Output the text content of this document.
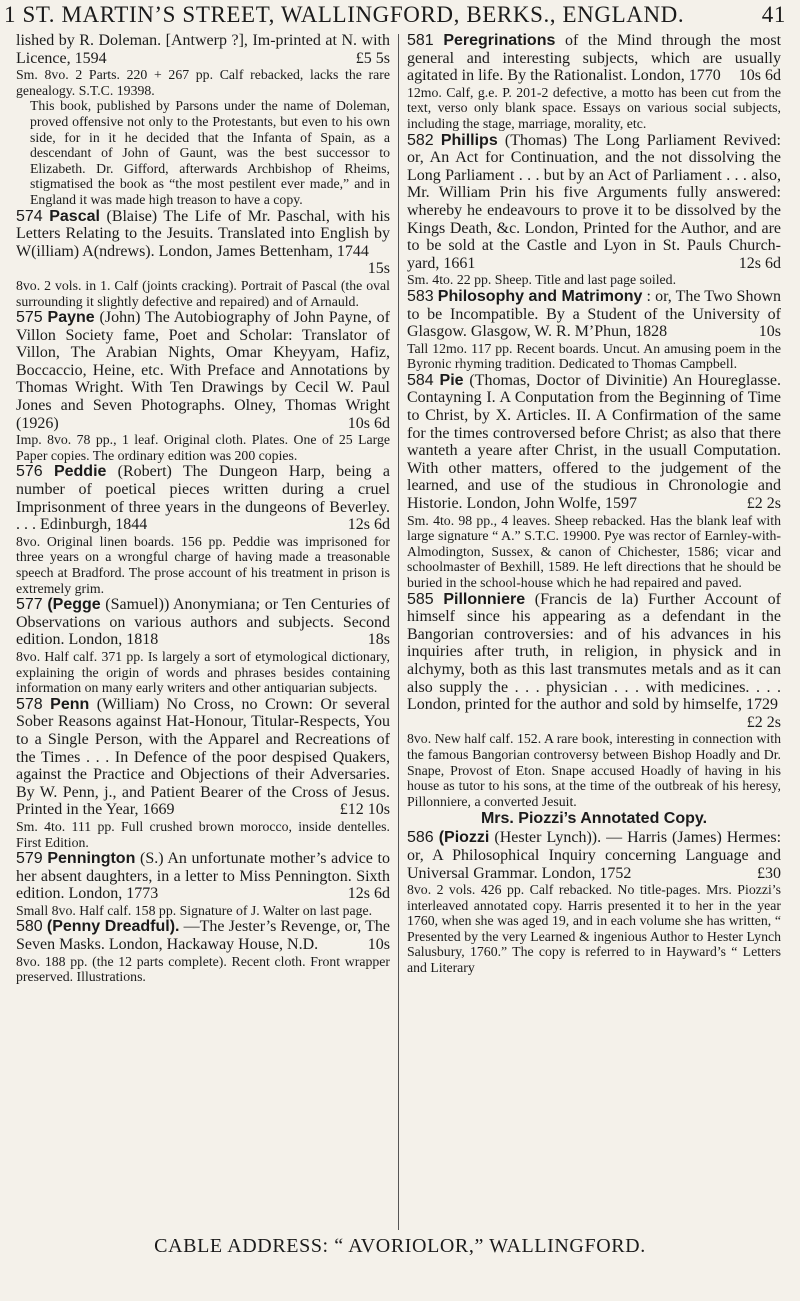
1 ST. MARTIN’S STREET, WALLINGFORD, BERKS., ENGLAND.	41

lished by R. Doleman. [Antwerp ?], Im-printed at N. with Licence, 1594	£5 5s

Sm. 8vo. 2 Parts. 220 + 267 pp. Calf rebacked, lacks the rare genealogy. S.T.C. 19398.

This book, published by Parsons under the name of Doleman, proved offensive not only to the Protestants, but even to his own side, for in it he decided that the Infanta of Spain, as a descendant of John of Gaunt, was the best successor to Elizabeth. Dr. Gifford, afterwards Archbishop of Rheims, stigmatised the book as “the most pestilent ever made,” and in England it was made high treason to have a copy.

574 Pascal (Blaise) The Life of Mr. Paschal, with his Letters Relating to the Jesuits. Translated into English by W(illiam) A(ndrews). London, James Bettenham, 1744
15s

8vo. 2 vols. in 1. Calf (joints cracking). Portrait of Pascal (the oval surrounding it slightly defective and repaired) and of Arnauld.

575 Payne (John) The Autobiography of John Payne, of Villon Society fame, Poet and Scholar: Translator of Villon, The Arabian Nights, Omar Kheyyam, Hafiz, Boccaccio, Heine, etc. With Preface and Annotations by Thomas Wright. With Ten Drawings by Cecil W. Paul Jones and Seven Photographs. Olney, Thomas Wright (1926)	10s 6d

Imp. 8vo. 78 pp., 1 leaf. Original cloth. Plates. One of 25 Large Paper copies. The ordinary edition was 200 copies.

576 Peddie (Robert) The Dungeon Harp, being a number of poetical pieces written during a cruel Imprisonment of three years in the dungeons of Beverley. . . . Edinburgh, 1844	12s 6d

8vo. Original linen boards. 156 pp. Peddie was imprisoned for three years on a wrongful charge of having made a treasonable speech at Bradford. The prose account of his treatment in prison is extremely grim.

577 (Pegge (Samuel)) Anonymiana; or Ten Centuries of Observations on various authors and subjects. Second edition. London, 1818	18s

8vo. Half calf. 371 pp. Is largely a sort of etymological dictionary, explaining the origin of words and phrases besides containing information on many early writers and other antiquarian subjects.

578 Penn (William) No Cross, no Crown: Or several Sober Reasons against Hat-Honour, Titular-Respects, You to a Single Person, with the Apparel and Recreations of the Times . . . In Defence of the poor despised Quakers, against the Practice and Objections of their Adversaries. By W. Penn, j., and Patient Bearer of the Cross of Jesus. Printed in the Year, 1669	£12 10s

Sm. 4to. 111 pp. Full crushed brown morocco, inside dentelles. First Edition.

579 Pennington (S.) An unfortunate mother’s advice to her absent daughters, in a letter to Miss Pennington. Sixth edition. London, 1773	12s 6d

Small 8vo. Half calf. 158 pp. Signature of J. Walter on last page.

580 (Penny Dreadful). —The Jester’s Revenge, or, The Seven Masks. London, Hackaway House, N.D.	10s

8vo. 188 pp. (the 12 parts complete). Recent cloth. Front wrapper preserved. Illustrations.

581 Peregrinations of the Mind through the most general and interesting subjects, which are usually agitated in life. By the Rationalist. London, 1770 10s 6d

12mo. Calf, g.e. P. 201-2 defective, a motto has been cut from the text, verso only blank space. Essays on various social subjects, including the stage, marriage, morality, etc.

582 Phillips (Thomas) The Long Parliament Revived: or, An Act for Continuation, and the not dissolving the Long Parliament . . . but by an Act of Parliament . . . also, Mr. William Prin his five Arguments fully answered: whereby he endeavours to prove it to be dissolved by the Kings Death, &c. London, Printed for the Author, and are to be sold at the Castle and Lyon in St. Pauls Church-yard, 1661	12s 6d

Sm. 4to. 22 pp. Sheep. Title and last page soiled.

583 Philosophy and Matrimony : or, The Two Shown to be Incompatible. By a Student of the University of Glasgow. Glasgow, W. R. M’Phun, 1828	10s

Tall 12mo. 117 pp. Recent boards. Uncut. An amusing poem in the Byronic rhyming tradition. Dedicated to Thomas Campbell.

584 Pie (Thomas, Doctor of Divinitie) An Houreglasse. Contayning I. A Conputation from the Beginning of Time to Christ, by X. Articles. II. A Confirmation of the same for the times controversed before Christ; as also that there wanteth a yeare after Christ, in the usuall Computation. With other matters, offered to the judgement of the learned, and use of the studious in Chronologie and Historie. London, John Wolfe, 1597	£2 2s

Sm. 4to. 98 pp., 4 leaves. Sheep rebacked. Has the blank leaf with large signature “ A.” S.T.C. 19900. Pye was rector of Earnley-with-Almodington, Sussex, & canon of Chichester, 1586; vicar and schoolmaster of Bexhill, 1589. He left directions that he should be buried in the school-house which he had repaired and paved.

585 Pillonniere (Francis de la) Further Account of himself since his appearing as a defendant in the Bangorian controversies: and of his advances in his inquiries after truth, in religion, in physick and in alchymy, both as this last transmutes metals and as it can also supply the . . . physician . . . with medicines. . . . London, printed for the author and sold by himselfe, 1729
£2 2s

8vo. New half calf. 152. A rare book, interesting in connection with the famous Bangorian controversy between Bishop Hoadly and Dr. Snape, Provost of Eton. Snape accused Hoadly of having in his house as tutor to his sons, at the time of the outbreak of his heresy, Pillonniere, a converted Jesuit.

Mrs. Piozzi’s Annotated Copy.

586 (Piozzi (Hester Lynch)). — Harris (James) Hermes: or, A Philosophical Inquiry concerning Language and Universal Grammar. London, 1752	£30

8vo. 2 vols. 426 pp. Calf rebacked. No title-pages. Mrs. Piozzi’s interleaved annotated copy. Harris presented it to her in the year 1760, when she was aged 19, and in each volume she has written, “ Presented by the very Learned & ingenious Author to Hester Lynch Salusbury, 1760.” The copy is referred to in Hayward’s “ Letters and Literary

CABLE ADDRESS: “ AVORIOLOR,” WALLINGFORD.
